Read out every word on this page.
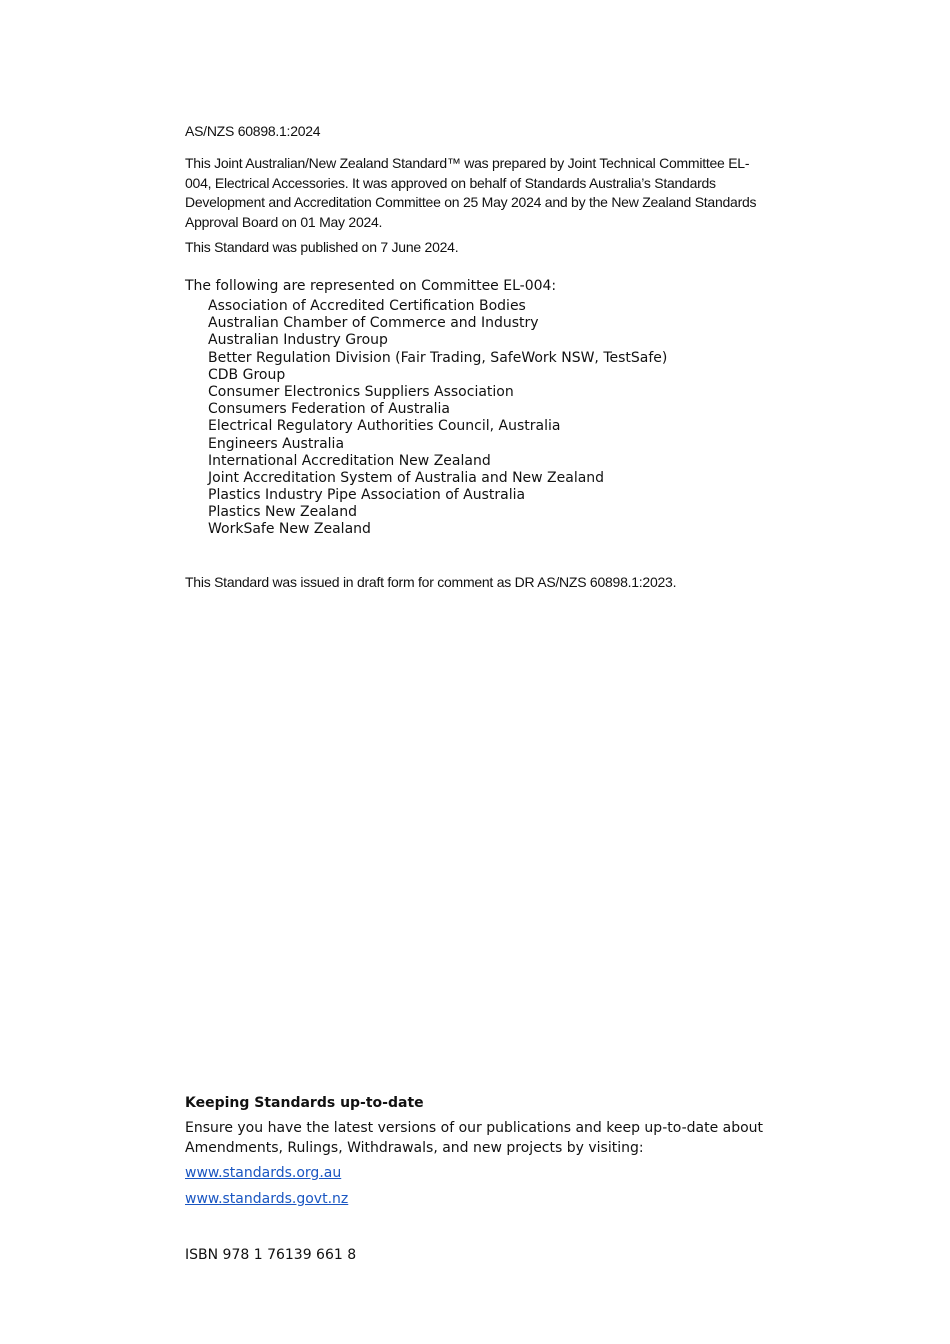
AS/NZS 60898.1:2024

This Joint Australian/New Zealand Standard™ was prepared by Joint Technical Committee EL-004, Electrical Accessories. It was approved on behalf of Standards Australia’s Standards Development and Accreditation Committee on 25 May 2024 and by the New Zealand Standards Approval Board on 01 May 2024.

This Standard was published on 7 June 2024.

The following are represented on Committee EL-004:

Association of Accredited Certification Bodies
Australian Chamber of Commerce and Industry
Australian Industry Group
Better Regulation Division (Fair Trading, SafeWork NSW, TestSafe)
CDB Group
Consumer Electronics Suppliers Association
Consumers Federation of Australia
Electrical Regulatory Authorities Council, Australia
Engineers Australia
International Accreditation New Zealand
Joint Accreditation System of Australia and New Zealand
Plastics Industry Pipe Association of Australia
Plastics New Zealand
WorkSafe New Zealand

This Standard was issued in draft form for comment as DR AS/NZS 60898.1:2023.

Keeping Standards up-to-date

Ensure you have the latest versions of our publications and keep up-to-date about Amendments, Rulings, Withdrawals, and new projects by visiting:

www.standards.org.au
www.standards.govt.nz

ISBN 978 1 76139 661 8
